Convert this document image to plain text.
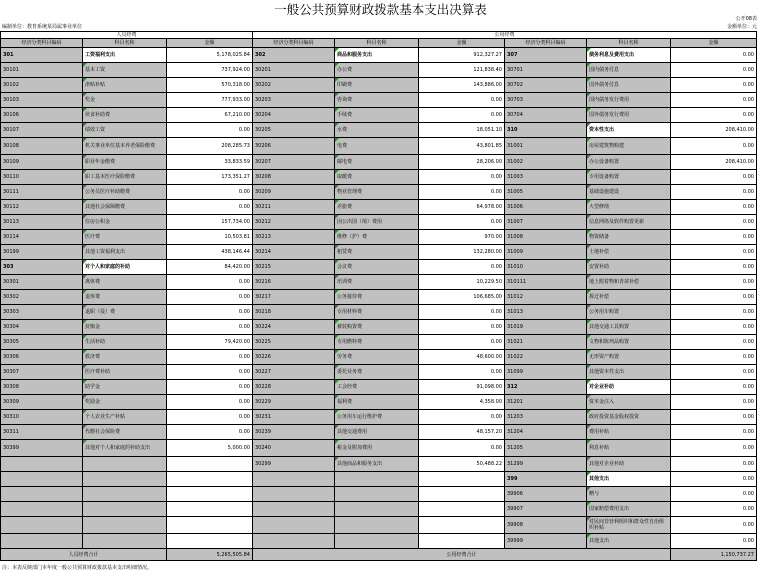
一般公共预算财政拨款基本支出决算表
公开08表
编制单位：教育系统某局属事业单位	金额单位：元
人员经费			公用经费					
经济分类科目编码	科目名称	金额	经济分类科目编码	科目名称	金额	经济分类科目编码	科目名称	金额
301	工资福利支出	5,178,025.84	302	商品和服务支出	912,327.27	307	债务利息及费用支出	0.00
30101	基本工资	737,924.00	30201	办公费	121,838.40	30701	国内债务付息	0.00
30102	津贴补贴	570,318.00	30202	印刷费	143,886.00	30702	国外债务付息	0.00
30103	奖金	777,933.00	30203	咨询费	0.00	30703	国内债务发行费用	0.00
30106	伙食补助费	67,210.00	30204	手续费	0.00	30704	国外债务发行费用	0.00
30107	绩效工资	0.00	30205	水费	18,051.10	310	资本性支出	208,410.00
30108	机关事业单位基本养老保险缴费	208,285.73	30206	电费	43,801.85	31001	房屋建筑物购建	0.00
30109	职业年金缴费	33,833.59	30207	邮电费	28,206.00	31002	办公设备购置	208,410.00
30110	职工基本医疗保险缴费	173,351.27	30208	取暖费	0.00	31003	专用设备购置	0.00
30111	公务员医疗补助缴费	0.00	30209	物业管理费	0.00	31005	基础设施建设	0.00
30112	其他社会保障缴费	0.00	30211	差旅费	64,978.00	31006	大型修缮	0.00
30113	住房公积金	157,734.00	30212	因公出国（境）费用	0.00	31007	信息网络及软件购置更新	0.00
30114	医疗费	10,503.81	30213	维修（护）费	970.00	31008	物资储备	0.00
30199	其他工资福利支出	438,146.44	30214	租赁费	132,280.00	31009	土地补偿	0.00
303	对个人和家庭的补助	84,420.00	30215	会议费	0.00	31010	安置补助	0.00
30301	离休费	0.00	30216	培训费	10,229.50	310111	地上附着物和青苗补偿	0.00
30302	退休费	0.00	30217	公务接待费	106,685.00	31012	拆迁补偿	0.00
30303	退职（役）费	0.00	30218	专用材料费	0.00	31013	公务用车购置	0.00
30304	抚恤金	0.00	30224	被装购置费	0.00	31019	其他交通工具购置	0.00
30305	生活补助	79,420.00	30225	专用燃料费	0.00	31021	文物和陈列品购置	0.00
30306	救济费	0.00	30226	劳务费	48,600.00	31022	无形资产购置	0.00
30307	医疗费补助	0.00	30227	委托业务费	0.00	31099	其他资本性支出	0.00
30308	助学金	0.00	30228	工会经费	91,098.00	312	对企业补助	0.00
30309	奖励金	0.00	30229	福利费	4,358.00	31201	资本金注入	0.00
30310	个人农业生产补贴	0.00	30231	公务用车运行维护费	0.00	31203	政府投资基金股权投资	0.00
30311	代缴社会保险费	0.00	30239	其他交通费用	48,157.20	31204	费用补贴	0.00
30399	其他对个人和家庭的补助支出	5,000.00	30240	税金及附加费用	0.00	31205	利息补贴	0.00
			30299	其他商品和服务支出	50,488.22	31299	其他对企业补助	0.00
						399	其他支出	0.00
						39906	赠与	0.00
						39907	国家赔偿费用支出	0.00
						39908	对民间非营利组织和群众性自治组织补贴	0.00
						39999	其他支出	0.00
人员经费合计		5,265,505.84	公用经费合计					1,150,737.27
注：本表反映部门本年度一般公共预算财政拨款基本支出明细情况。
